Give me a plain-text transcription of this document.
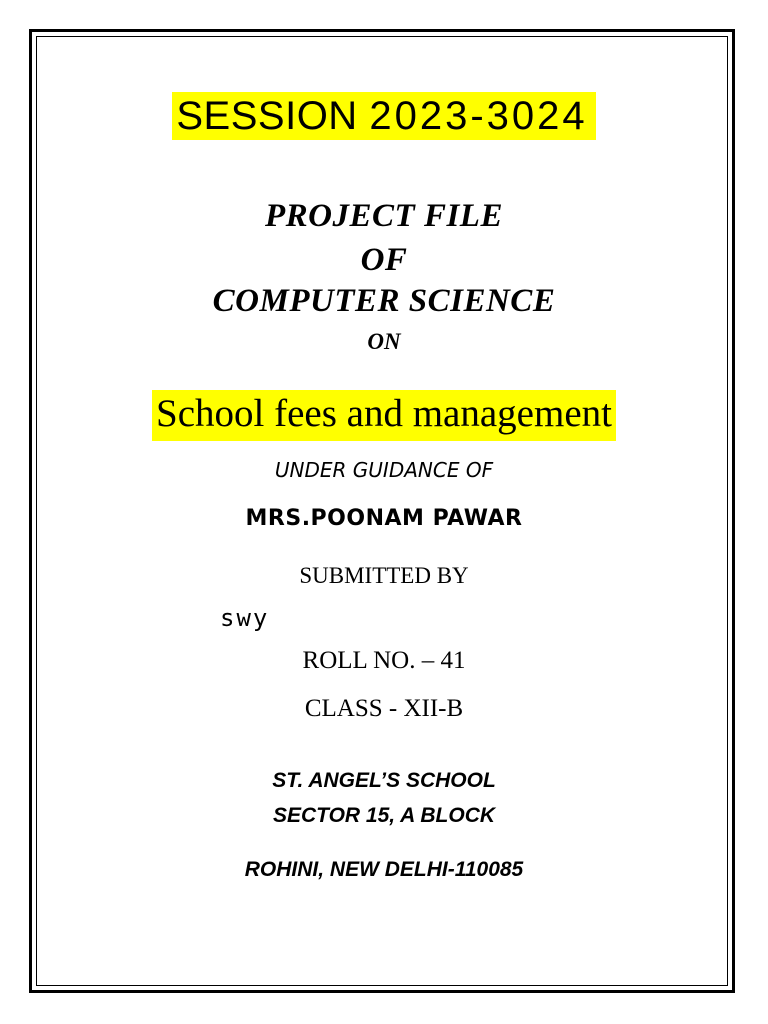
SESSION 2023-3024
PROJECT FILE
OF
COMPUTER SCIENCE
ON
School fees and management
UNDER GUIDANCE OF
MRS.POONAM PAWAR
SUBMITTED BY
swy
ROLL NO. – 41
CLASS - XII-B
ST. ANGEL’S SCHOOL
SECTOR 15, A BLOCK
ROHINI, NEW DELHI-110085
